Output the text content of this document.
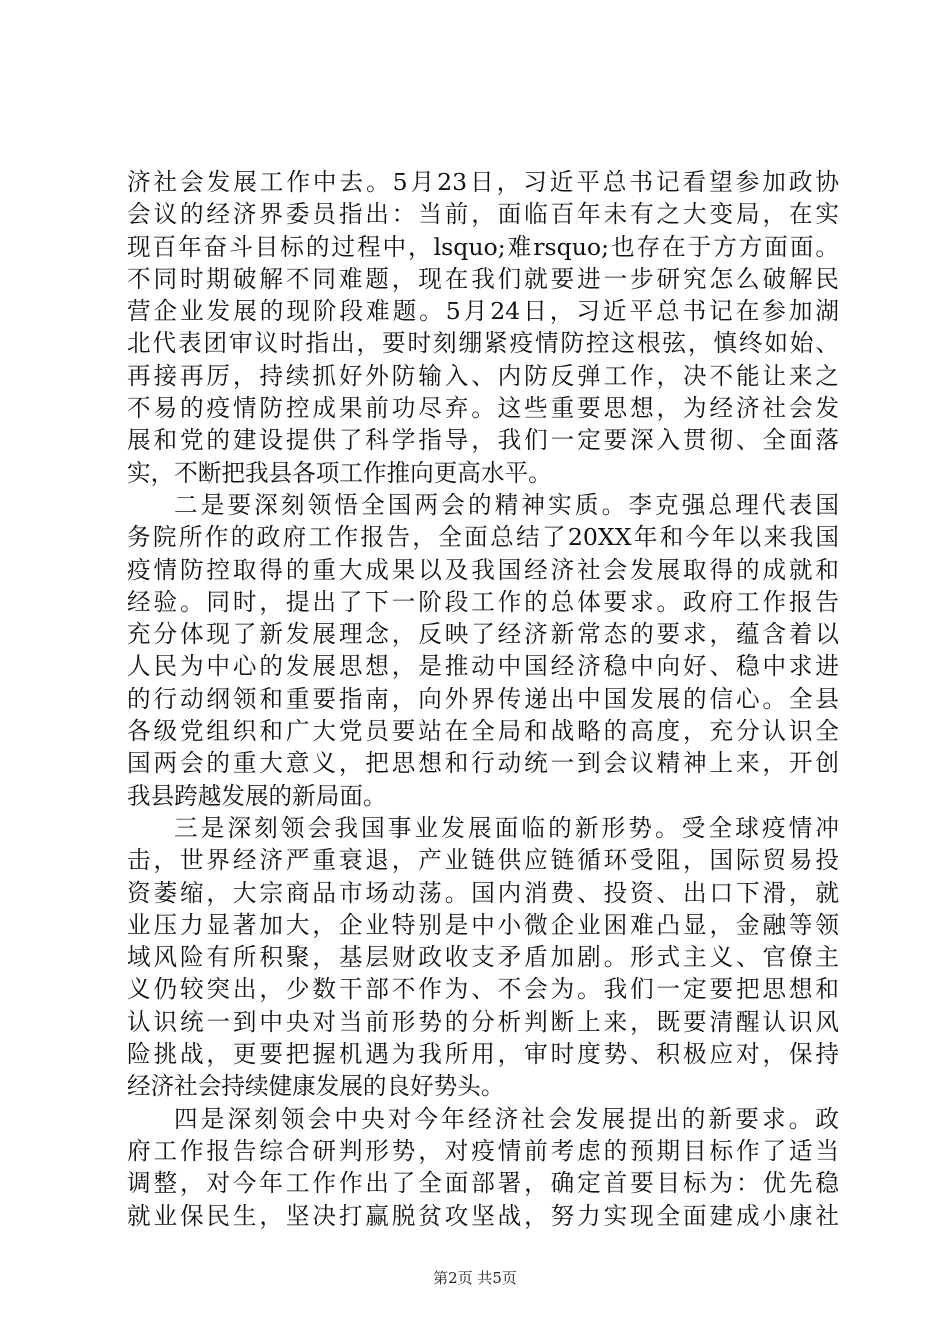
济社会发展工作中去。5月23日，习近平总书记看望参加政协
会议的经济界委员指出：当前，面临百年未有之大变局，在实
现百年奋斗目标的过程中，lsquo;难rsquo;也存在于方方面面。
不同时期破解不同难题，现在我们就要进一步研究怎么破解民
营企业发展的现阶段难题。5月24日，习近平总书记在参加湖
北代表团审议时指出，要时刻绷紧疫情防控这根弦，慎终如始、
再接再厉，持续抓好外防输入、内防反弹工作，决不能让来之
不易的疫情防控成果前功尽弃。这些重要思想，为经济社会发
展和党的建设提供了科学指导，我们一定要深入贯彻、全面落
实，不断把我县各项工作推向更高水平。
二是要深刻领悟全国两会的精神实质。李克强总理代表国
务院所作的政府工作报告，全面总结了20XX年和今年以来我国
疫情防控取得的重大成果以及我国经济社会发展取得的成就和
经验。同时，提出了下一阶段工作的总体要求。政府工作报告
充分体现了新发展理念，反映了经济新常态的要求，蕴含着以
人民为中心的发展思想，是推动中国经济稳中向好、稳中求进
的行动纲领和重要指南，向外界传递出中国发展的信心。全县
各级党组织和广大党员要站在全局和战略的高度，充分认识全
国两会的重大意义，把思想和行动统一到会议精神上来，开创
我县跨越发展的新局面。
三是深刻领会我国事业发展面临的新形势。受全球疫情冲
击，世界经济严重衰退，产业链供应链循环受阻，国际贸易投
资萎缩，大宗商品市场动荡。国内消费、投资、出口下滑，就
业压力显著加大，企业特别是中小微企业困难凸显，金融等领
域风险有所积聚，基层财政收支矛盾加剧。形式主义、官僚主
义仍较突出，少数干部不作为、不会为。我们一定要把思想和
认识统一到中央对当前形势的分析判断上来，既要清醒认识风
险挑战，更要把握机遇为我所用，审时度势、积极应对，保持
经济社会持续健康发展的良好势头。
四是深刻领会中央对今年经济社会发展提出的新要求。政
府工作报告综合研判形势，对疫情前考虑的预期目标作了适当
调整，对今年工作作出了全面部署，确定首要目标为：优先稳
就业保民生，坚决打赢脱贫攻坚战，努力实现全面建成小康社
第2页 共5页
